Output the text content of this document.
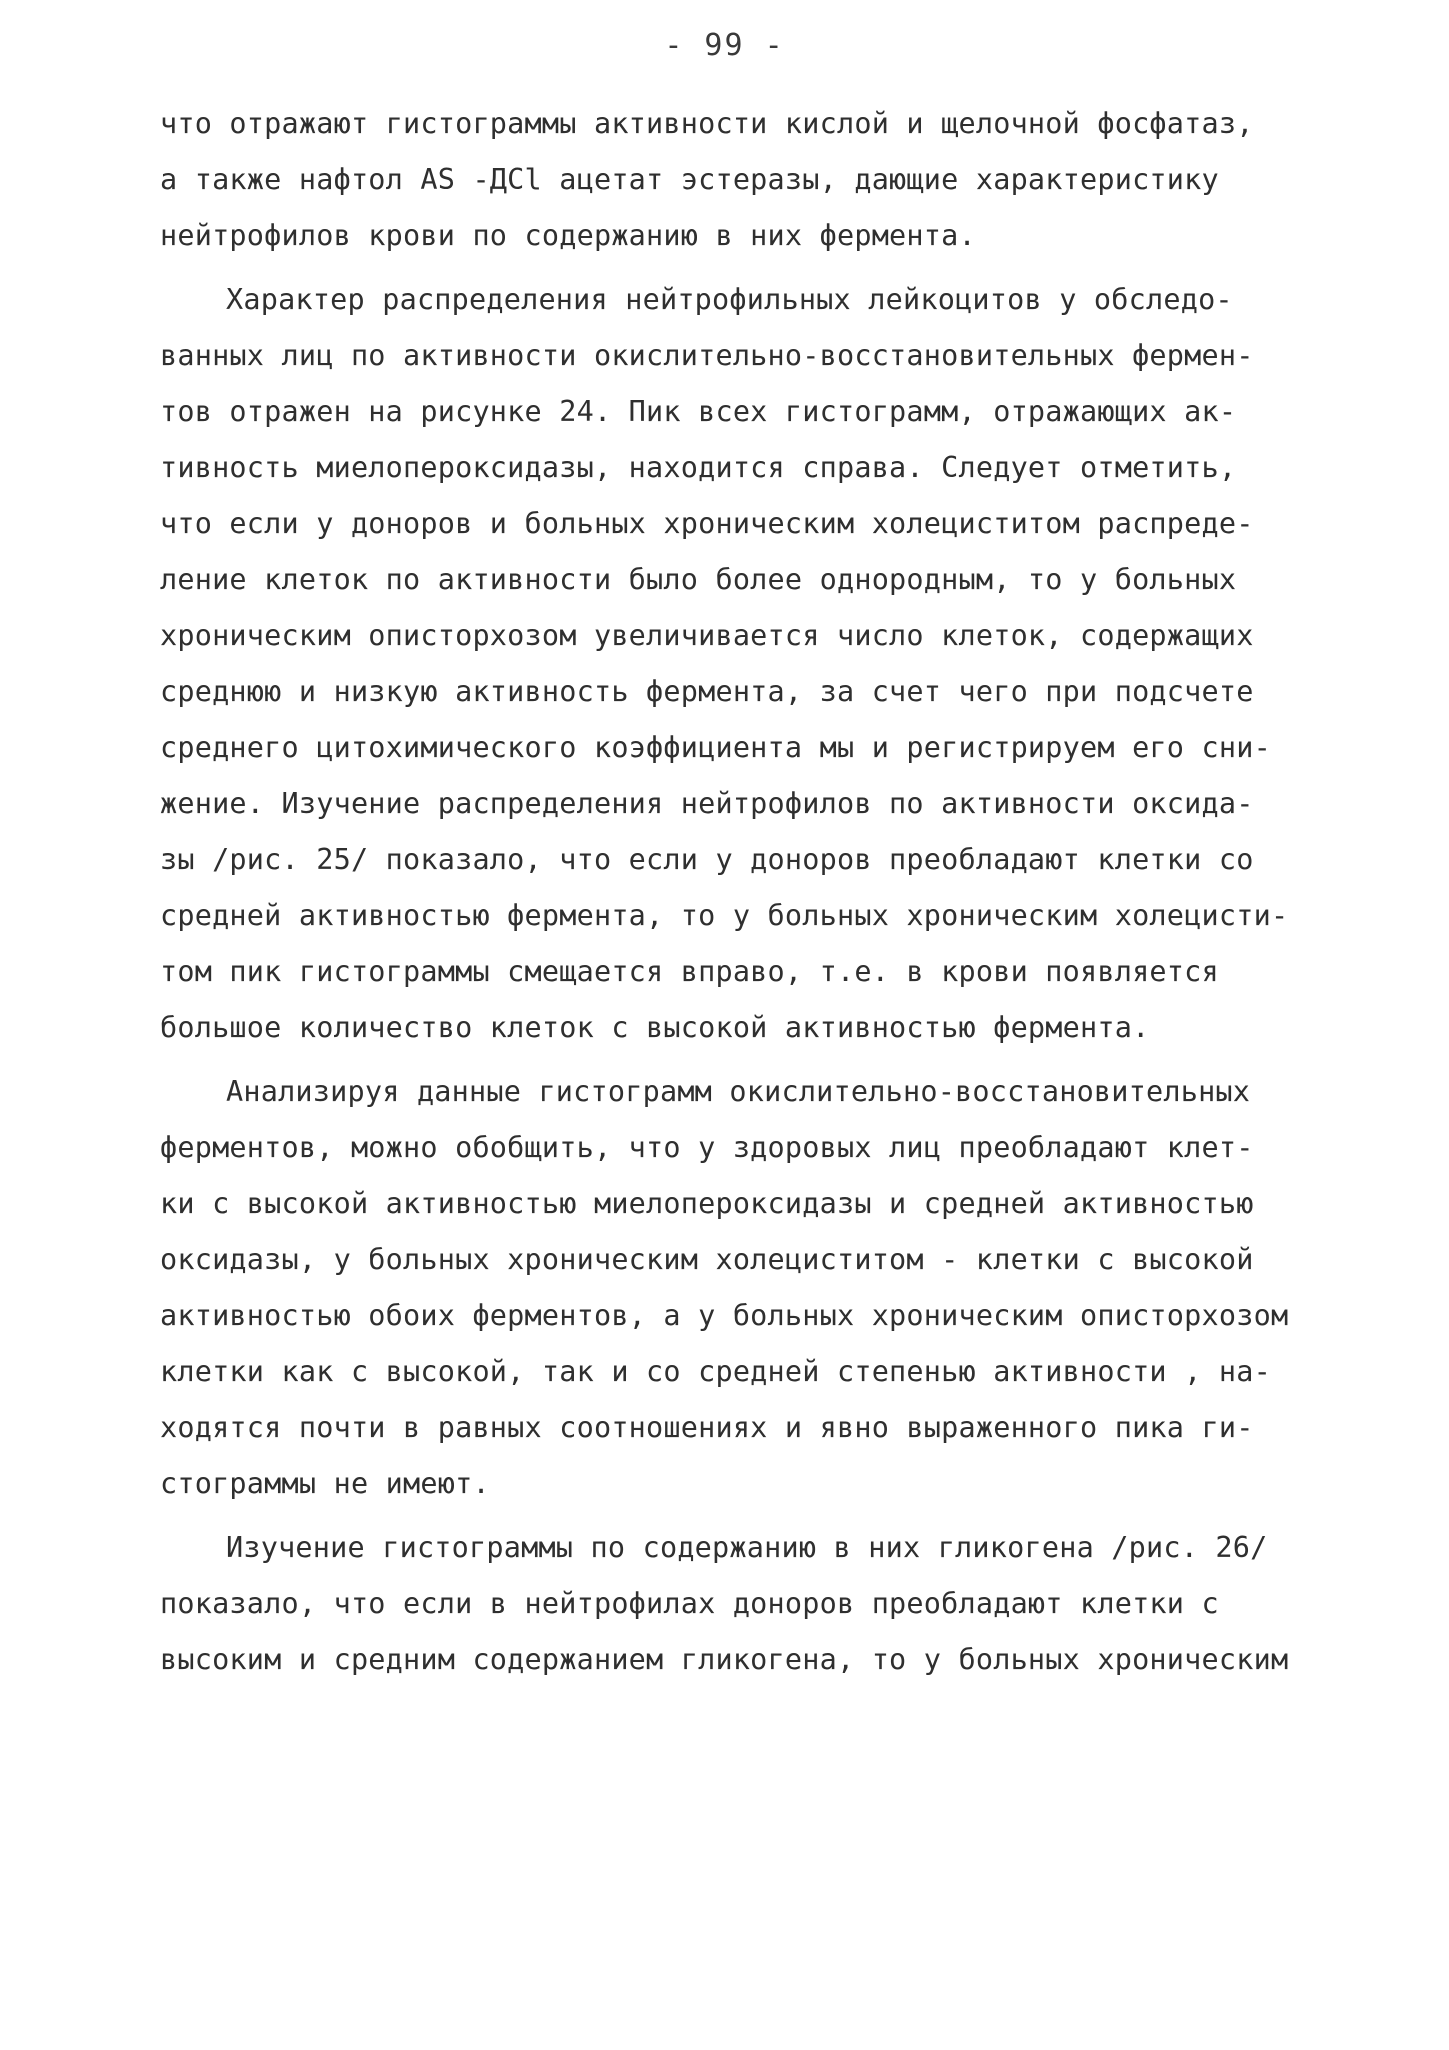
- 99 -
что отражают гистограммы активности кислой и щелочной фосфатаз,
а также нафтол AS -ДCl ацетат эстеразы, дающие характеристику
нейтрофилов крови по содержанию в них фермента.
Характер распределения нейтрофильных лейкоцитов у обследо-
ванных лиц по активности окислительно-восстановительных фермен-
тов отражен на рисунке 24. Пик всех гистограмм, отражающих ак-
тивность миелопероксидазы, находится справа. Следует отметить,
что если у доноров и больных хроническим холециститом распреде-
ление клеток по активности было более однородным, то у больных
хроническим описторхозом увеличивается число клеток, содержащих
среднюю и низкую активность фермента, за счет чего при подсчете
среднего цитохимического коэффициента мы и регистрируем его сни-
жение. Изучение распределения нейтрофилов по активности оксида-
зы /рис. 25/ показало, что если у доноров преобладают клетки со
средней активностью фермента, то у больных хроническим холецисти-
том пик гистограммы смещается вправо, т.е. в крови появляется
большое количество клеток с высокой активностью фермента.
Анализируя данные гистограмм окислительно-восстановительных
ферментов, можно обобщить, что у здоровых лиц преобладают клет-
ки с высокой активностью миелопероксидазы и средней активностью
оксидазы, у больных хроническим холециститом - клетки с высокой
активностью обоих ферментов, а у больных хроническим описторхозом
клетки как с высокой, так и со средней степенью активности , на-
ходятся почти в равных соотношениях и явно выраженного пика ги-
стограммы не имеют.
Изучение гистограммы по содержанию в них гликогена /рис. 26/
показало, что если в нейтрофилах доноров преобладают клетки с
высоким и средним содержанием гликогена, то у больных хроническим
